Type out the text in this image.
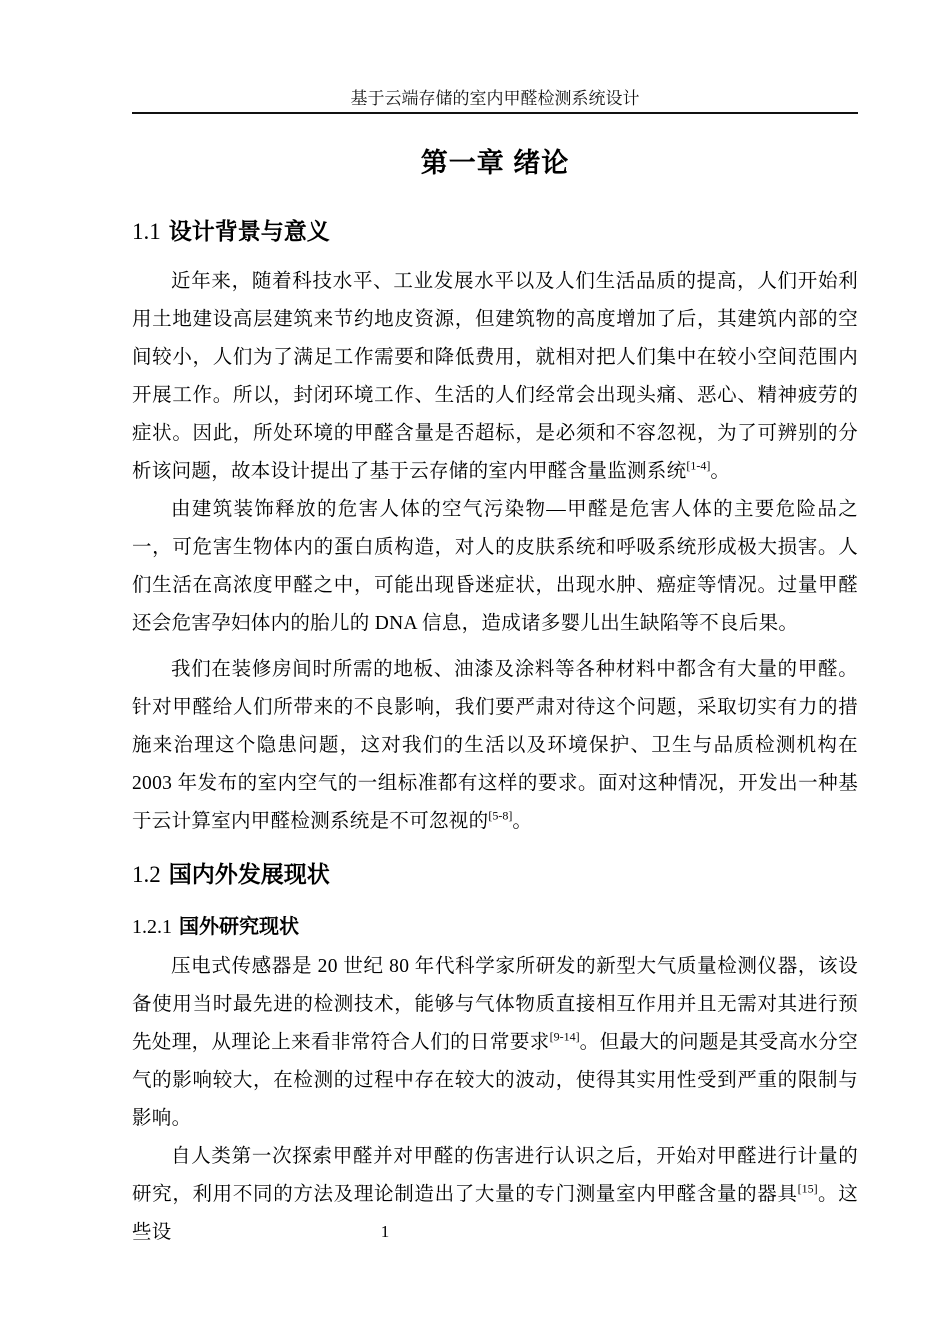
基于云端存储的室内甲醛检测系统设计
第一章 绪论
1.1 设计背景与意义

近年来，随着科技水平、工业发展水平以及人们生活品质的提高，人们开始利用土地建设高层建筑来节约地皮资源，但建筑物的高度增加了后，其建筑内部的空间较小，人们为了满足工作需要和降低费用，就相对把人们集中在较小空间范围内开展工作。所以，封闭环境工作、生活的人们经常会出现头痛、恶心、精神疲劳的症状。因此，所处环境的甲醛含量是否超标，是必须和不容忽视，为了可辨别的分析该问题，故本设计提出了基于云存储的室内甲醛含量监测系统[1-4]。

由建筑装饰释放的危害人体的空气污染物—甲醛是危害人体的主要危险品之一，可危害生物体内的蛋白质构造，对人的皮肤系统和呼吸系统形成极大损害。人们生活在高浓度甲醛之中，可能出现昏迷症状，出现水肿、癌症等情况。过量甲醛还会危害孕妇体内的胎儿的 DNA 信息，造成诸多婴儿出生缺陷等不良后果。

我们在装修房间时所需的地板、油漆及涂料等各种材料中都含有大量的甲醛。针对甲醛给人们所带来的不良影响，我们要严肃对待这个问题，采取切实有力的措施来治理这个隐患问题，这对我们的生活以及环境保护、卫生与品质检测机构在 2003 年发布的室内空气的一组标准都有这样的要求。面对这种情况，开发出一种基于云计算室内甲醛检测系统是不可忽视的[5-8]。

1.2 国内外发展现状
1.2.1 国外研究现状

压电式传感器是 20 世纪 80 年代科学家所研发的新型大气质量检测仪器，该设备使用当时最先进的检测技术，能够与气体物质直接相互作用并且无需对其进行预先处理，从理论上来看非常符合人们的日常要求[9-14]。但最大的问题是其受高水分空气的影响较大，在检测的过程中存在较大的波动，使得其实用性受到严重的限制与影响。

自人类第一次探索甲醛并对甲醛的伤害进行认识之后，开始对甲醛进行计量的研究，利用不同的方法及理论制造出了大量的专门测量室内甲醛含量的器具[15]。这些设	1
